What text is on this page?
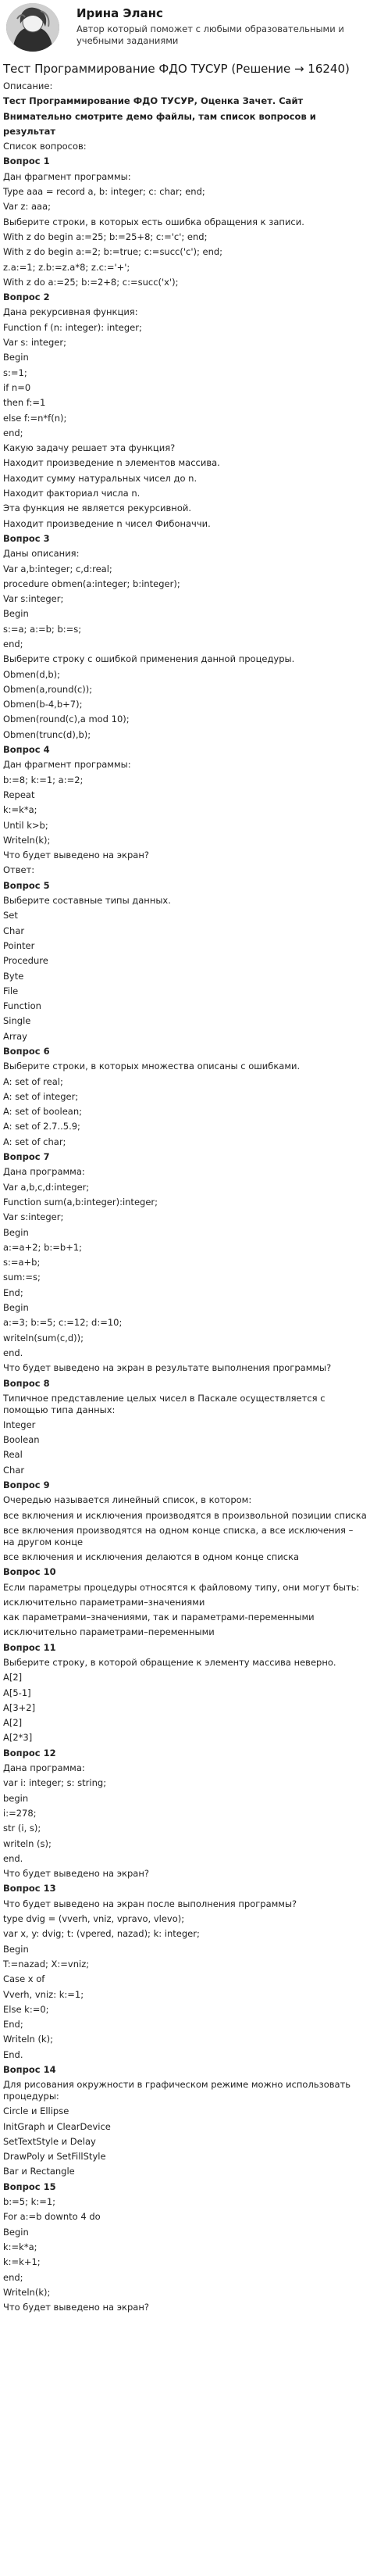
Ирина Эланс
Автор который поможет с любыми образовательными и учебными заданиями
Тест Программирование ФДО ТУСУР (Решение → 16240)
Описание:
Тест Программирование ФДО ТУСУР, Оценка Зачет. Сайт
Внимательно смотрите демо файлы, там список вопросов и результат
Список вопросов:
Вопрос 1
Дан фрагмент программы:
Type aaa = record a, b: integer; c: char; end;
Var z: aaa;
Выберите строки, в которых есть ошибка обращения к записи.
With z do begin a:=25; b:=25+8; c:='c'; end;
With z do begin a:=2; b:=true; c:=succ('c'); end;
z.a:=1; z.b:=z.a*8; z.c:='+';
With z do a:=25; b:=2+8; c:=succ('x');
Вопрос 2
Дана рекурсивная функция:
Function f (n: integer): integer;
Var s: integer;
Begin
s:=1;
if n=0
then f:=1
else f:=n*f(n);
end;
Какую задачу решает эта функция?
Находит произведение n элементов массива.
Находит сумму натуральных чисел до n.
Находит факториал числа n.
Эта функция не является рекурсивной.
Находит произведение n чисел Фибоначчи.
Вопрос 3
Даны описания:
Var a,b:integer; c,d:real;
procedure obmen(a:integer; b:integer);
Var s:integer;
Begin
s:=a; a:=b; b:=s;
end;
Выберите строку с ошибкой применения данной процедуры.
Obmen(d,b);
Obmen(a,round(c));
Obmen(b-4,b+7);
Obmen(round(c),a mod 10);
Obmen(trunc(d),b);
Вопрос 4
Дан фрагмент программы:
b:=8; k:=1; a:=2;
Repeat
k:=k*a;
Until k>b;
Writeln(k);
Что будет выведено на экран?
Ответ:
Вопрос 5
Выберите составные типы данных.
Set
Char
Pointer
Procedure
Byte
File
Function
Single
Array
Вопрос 6
Выберите строки, в которых множества описаны с ошибками.
A: set of real;
A: set of integer;
A: set of boolean;
A: set of 2.7..5.9;
A: set of char;
Вопрос 7
Дана программа:
Var a,b,c,d:integer;
Function sum(a,b:integer):integer;
Var s:integer;
Begin
a:=a+2; b:=b+1;
s:=a+b;
sum:=s;
End;
Begin
a:=3; b:=5; c:=12; d:=10;
writeln(sum(c,d));
end.
Что будет выведено на экран в результате выполнения программы?
Вопрос 8
Типичное представление целых чисел в Паскале осуществляется с помощью типа данных:
Integer
Boolean
Real
Char
Вопрос 9
Очередью называется линейный список, в котором:
все включения и исключения производятся в произвольной позиции списка
все включения производятся на одном конце списка, а все исключения – на другом конце
все включения и исключения делаются в одном конце списка
Вопрос 10
Если параметры процедуры относятся к файловому типу, они могут быть:
исключительно параметрами–значениями
как параметрами–значениями, так и параметрами-переменными
исключительно параметрами–переменными
Вопрос 11
Выберите строку, в которой обращение к элементу массива неверно.
A[2]
A[5-1]
A[3+2]
A[2]
A[2*3]
Вопрос 12
Дана программа:
var i: integer; s: string;
begin
i:=278;
str (i, s);
writeln (s);
end.
Что будет выведено на экран?
Вопрос 13
Что будет выведено на экран после выполнения программы?
type dvig = (vverh, vniz, vpravo, vlevo);
var x, y: dvig; t: (vpered, nazad); k: integer;
Begin
T:=nazad; X:=vniz;
Case x of
Vverh, vniz: k:=1;
Else k:=0;
End;
Writeln (k);
End.
Вопрос 14
Для рисования окружности в графическом режиме можно использовать процедуры:
Circle и Ellipse
InitGraph и ClearDevice
SetTextStyle и Delay
DrawPoly и SetFillStyle
Bar и Rectangle
Вопрос 15
b:=5; k:=1;
For a:=b downto 4 do
Begin
k:=k*a;
k:=k+1;
end;
Writeln(k);
Что будет выведено на экран?
